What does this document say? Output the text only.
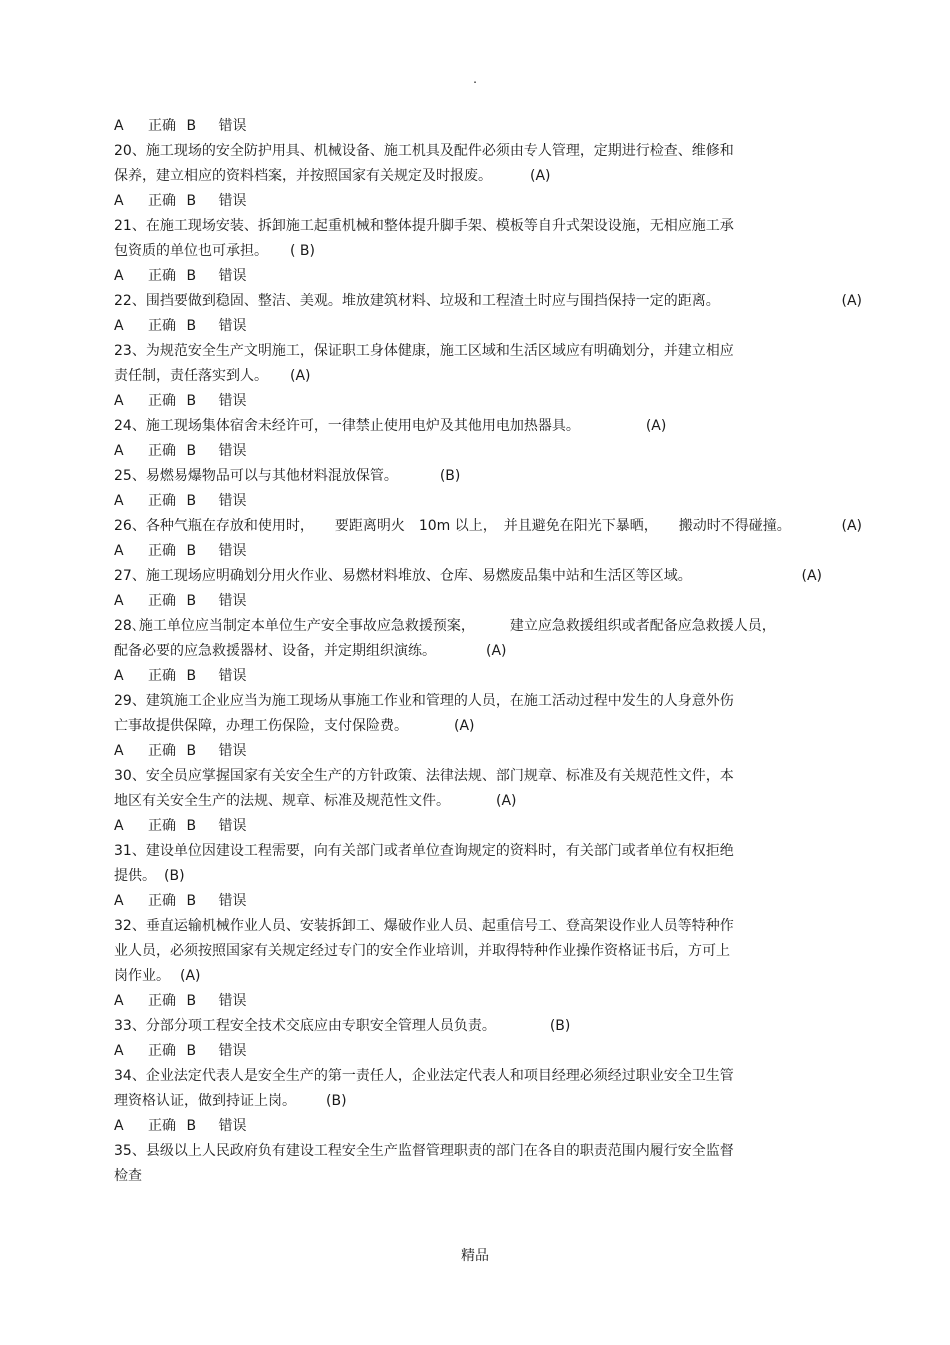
.
A 正确 B 错误
20、施工现场的安全防护用具、机械设备、施工机具及配件必须由专人管理，定期进行检查、维修和
保养，建立相应的资料档案，并按照国家有关规定及时报废。	(A)
A 正确 B 错误
21、在施工现场安装、拆卸施工起重机械和整体提升脚手架、模板等自升式架设设施，无相应施工承
包资质的单位也可承担。 ( B)
A 正确 B 错误
22、围挡要做到稳固、整洁、美观。堆放建筑材料、垃圾和工程渣土时应与围挡保持一定的距离。	(A)
A 正确 B 错误
23、为规范安全生产文明施工，保证职工身体健康，施工区域和生活区域应有明确划分，并建立相应
责任制，责任落实到人。 (A)
A 正确 B 错误
24、施工现场集体宿舍未经许可，一律禁止使用电炉及其他用电加热器具。	(A)
A 正确 B 错误
25、易燃易爆物品可以与其他材料混放保管。	(B)
A 正确 B 错误
26、各种气瓶在存放和使用时，　　要距离明火　10m 以上，　并且避免在阳光下暴晒，　　搬动时不得碰撞。	(A)
A 正确 B 错误
27、施工现场应明确划分用火作业、易燃材料堆放、仓库、易燃废品集中站和生活区等区域。	(A)
A 正确 B 错误
28､施工单位应当制定本单位生产安全事故应急救援预案，　　　建立应急救援组织或者配备应急救援人员，
配备必要的应急救援器材、设备，并定期组织演练。	(A)
A 正确 B 错误
29、建筑施工企业应当为施工现场从事施工作业和管理的人员，在施工活动过程中发生的人身意外伤
亡事故提供保障，办理工伤保险，支付保险费。	(A)
A 正确 B 错误
30、安全员应掌握国家有关安全生产的方针政策、法律法规、部门规章、标准及有关规范性文件，本
地区有关安全生产的法规、规章、标准及规范性文件。	(A)
A 正确 B 错误
31、建设单位因建设工程需要，向有关部门或者单位查询规定的资料时，有关部门或者单位有权拒绝
提供。 (B)
A 正确 B 错误
32、垂直运输机械作业人员、安装拆卸工、爆破作业人员、起重信号工、登高架设作业人员等特种作
业人员，必须按照国家有关规定经过专门的安全作业培训，并取得特种作业操作资格证书后，方可上
岗作业。 (A)
A 正确 B 错误
33、分部分项工程安全技术交底应由专职安全管理人员负责。	(B)
A 正确 B 错误
34、企业法定代表人是安全生产的第一责任人，企业法定代表人和项目经理必须经过职业安全卫生管
理资格认证，做到持证上岗。 (B)
A 正确 B 错误
35、县级以上人民政府负有建设工程安全生产监督管理职责的部门在各自的职责范围内履行安全监督
检查
精品
